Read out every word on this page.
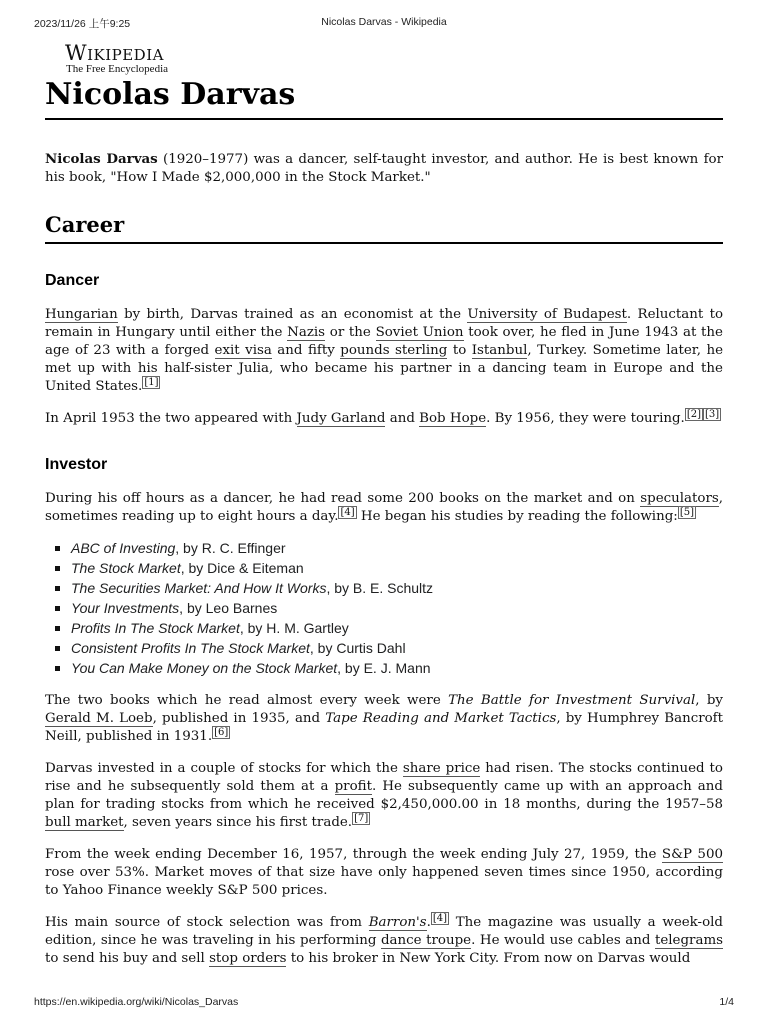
2023/11/26 上午9:25	Nicolas Darvas - Wikipedia
Wikipedia
The Free Encyclopedia
Nicolas Darvas

Nicolas Darvas (1920–1977) was a dancer, self-taught investor, and author. He is best known for his book, "How I Made $2,000,000 in the Stock Market."

Career
Dancer

Hungarian by birth, Darvas trained as an economist at the University of Budapest. Reluctant to remain in Hungary until either the Nazis or the Soviet Union took over, he fled in June 1943 at the age of 23 with a forged exit visa and fifty pounds sterling to Istanbul, Turkey. Sometime later, he met up with his half-sister Julia, who became his partner in a dancing team in Europe and the United States. [1]

In April 1953 the two appeared with Judy Garland and Bob Hope. By 1956, they were touring. [2] [3]

Investor

During his off hours as a dancer, he had read some 200 books on the market and on speculators, sometimes reading up to eight hours a day. [4] He began his studies by reading the following: [5]

ABC of Investing, by R. C. Effinger
The Stock Market, by Dice & Eiteman
The Securities Market: And How It Works, by B. E. Schultz
Your Investments, by Leo Barnes
Profits In The Stock Market, by H. M. Gartley
Consistent Profits In The Stock Market, by Curtis Dahl
You Can Make Money on the Stock Market, by E. J. Mann

The two books which he read almost every week were The Battle for Investment Survival, by Gerald M. Loeb, published in 1935, and Tape Reading and Market Tactics, by Humphrey Bancroft Neill, published in 1931. [6]

Darvas invested in a couple of stocks for which the share price had risen. The stocks continued to rise and he subsequently sold them at a profit. He subsequently came up with an approach and plan for trading stocks from which he received $2,450,000.00 in 18 months, during the 1957–58 bull market, seven years since his first trade. [7]

From the week ending December 16, 1957, through the week ending July 27, 1959, the S&P 500 rose over 53%. Market moves of that size have only happened seven times since 1950, according to Yahoo Finance weekly S&P 500 prices.

His main source of stock selection was from Barron's. [4] The magazine was usually a week-old edition, since he was traveling in his performing dance troupe. He would use cables and telegrams to send his buy and sell stop orders to his broker in New York City. From now on Darvas would

https://en.wikipedia.org/wiki/Nicolas_Darvas	1/4
